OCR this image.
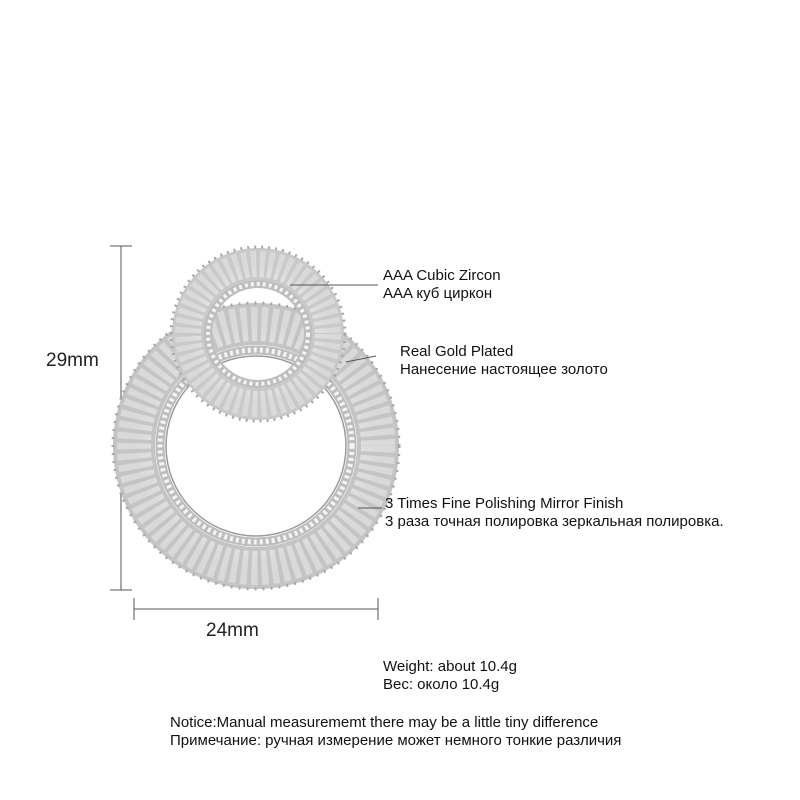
29mm
24mm
AAA Cubic Zircon
AAA куб циркон
Real Gold Plated
Нанесение настоящее золото
3 Times Fine Polishing Mirror Finish
3 раза точная полировка зеркальная полировка.
Weight: about 10.4g
Вес: около 10.4g
Notice:Manual measurememt there may be a little tiny difference
Примечание: ручная измерение может немного тонкие различия
